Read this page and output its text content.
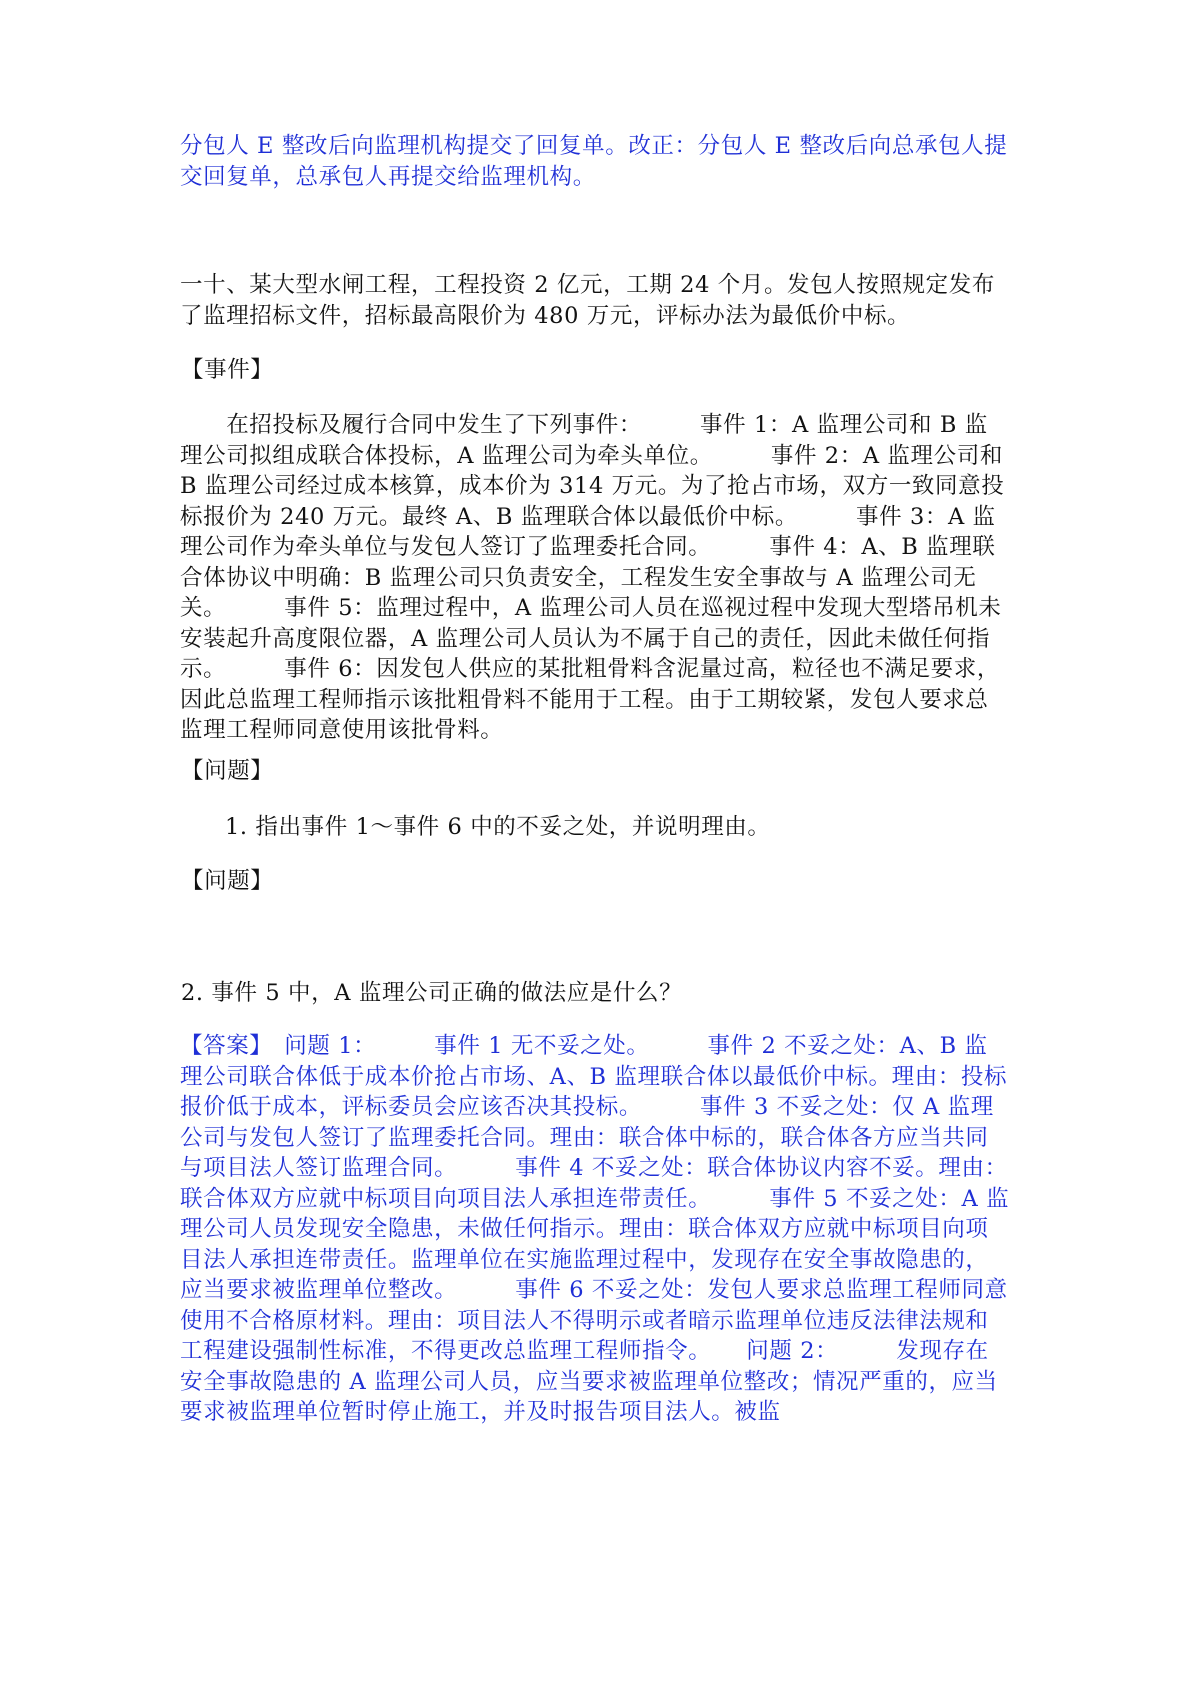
分包人 E 整改后向监理机构提交了回复单。改正：分包人 E 整改后向总承包人提交回复单，总承包人再提交给监理机构。

一十、某大型水闸工程，工程投资 2 亿元，工期 24 个月。发包人按照规定发布了监理招标文件，招标最高限价为 480 万元，评标办法为最低价中标。

【事件】

　　在招投标及履行合同中发生了下列事件：　　　事件 1：A 监理公司和 B 监理公司拟组成联合体投标，A 监理公司为牵头单位。　　　事件 2：A 监理公司和 B 监理公司经过成本核算，成本价为 314 万元。为了抢占市场，双方一致同意投标报价为 240 万元。最终 A、B 监理联合体以最低价中标。　　　事件 3：A 监理公司作为牵头单位与发包人签订了监理委托合同。　　　事件 4：A、B 监理联合体协议中明确：B 监理公司只负责安全，工程发生安全事故与 A 监理公司无关。　　　事件 5：监理过程中，A 监理公司人员在巡视过程中发现大型塔吊机未安装起升高度限位器，A 监理公司人员认为不属于自己的责任，因此未做任何指示。　　　事件 6：因发包人供应的某批粗骨料含泥量过高，粒径也不满足要求，因此总监理工程师指示该批粗骨料不能用于工程。由于工期较紧，发包人要求总监理工程师同意使用该批骨料。

【问题】

1. 指出事件 1～事件 6 中的不妥之处，并说明理由。

【问题】

2. 事件 5 中，A 监理公司正确的做法应是什么？

【答案】　问题 1：　　　事件 1 无不妥之处。　　　事件 2 不妥之处：A、B 监理公司联合体低于成本价抢占市场、A、B 监理联合体以最低价中标。理由：投标报价低于成本，评标委员会应该否决其投标。　　　事件 3 不妥之处：仅 A 监理公司与发包人签订了监理委托合同。理由：联合体中标的，联合体各方应当共同与项目法人签订监理合同。　　　事件 4 不妥之处：联合体协议内容不妥。理由：联合体双方应就中标项目向项目法人承担连带责任。　　　事件 5 不妥之处：A 监理公司人员发现安全隐患，未做任何指示。理由：联合体双方应就中标项目向项目法人承担连带责任。监理单位在实施监理过程中，发现存在安全事故隐患的，应当要求被监理单位整改。　　　事件 6 不妥之处：发包人要求总监理工程师同意使用不合格原材料。理由：项目法人不得明示或者暗示监理单位违反法律法规和工程建设强制性标准，不得更改总监理工程师指令。　　问题 2：　　　发现存在安全事故隐患的 A 监理公司人员，应当要求被监理单位整改；情况严重的，应当要求被监理单位暂时停止施工，并及时报告项目法人。被监
